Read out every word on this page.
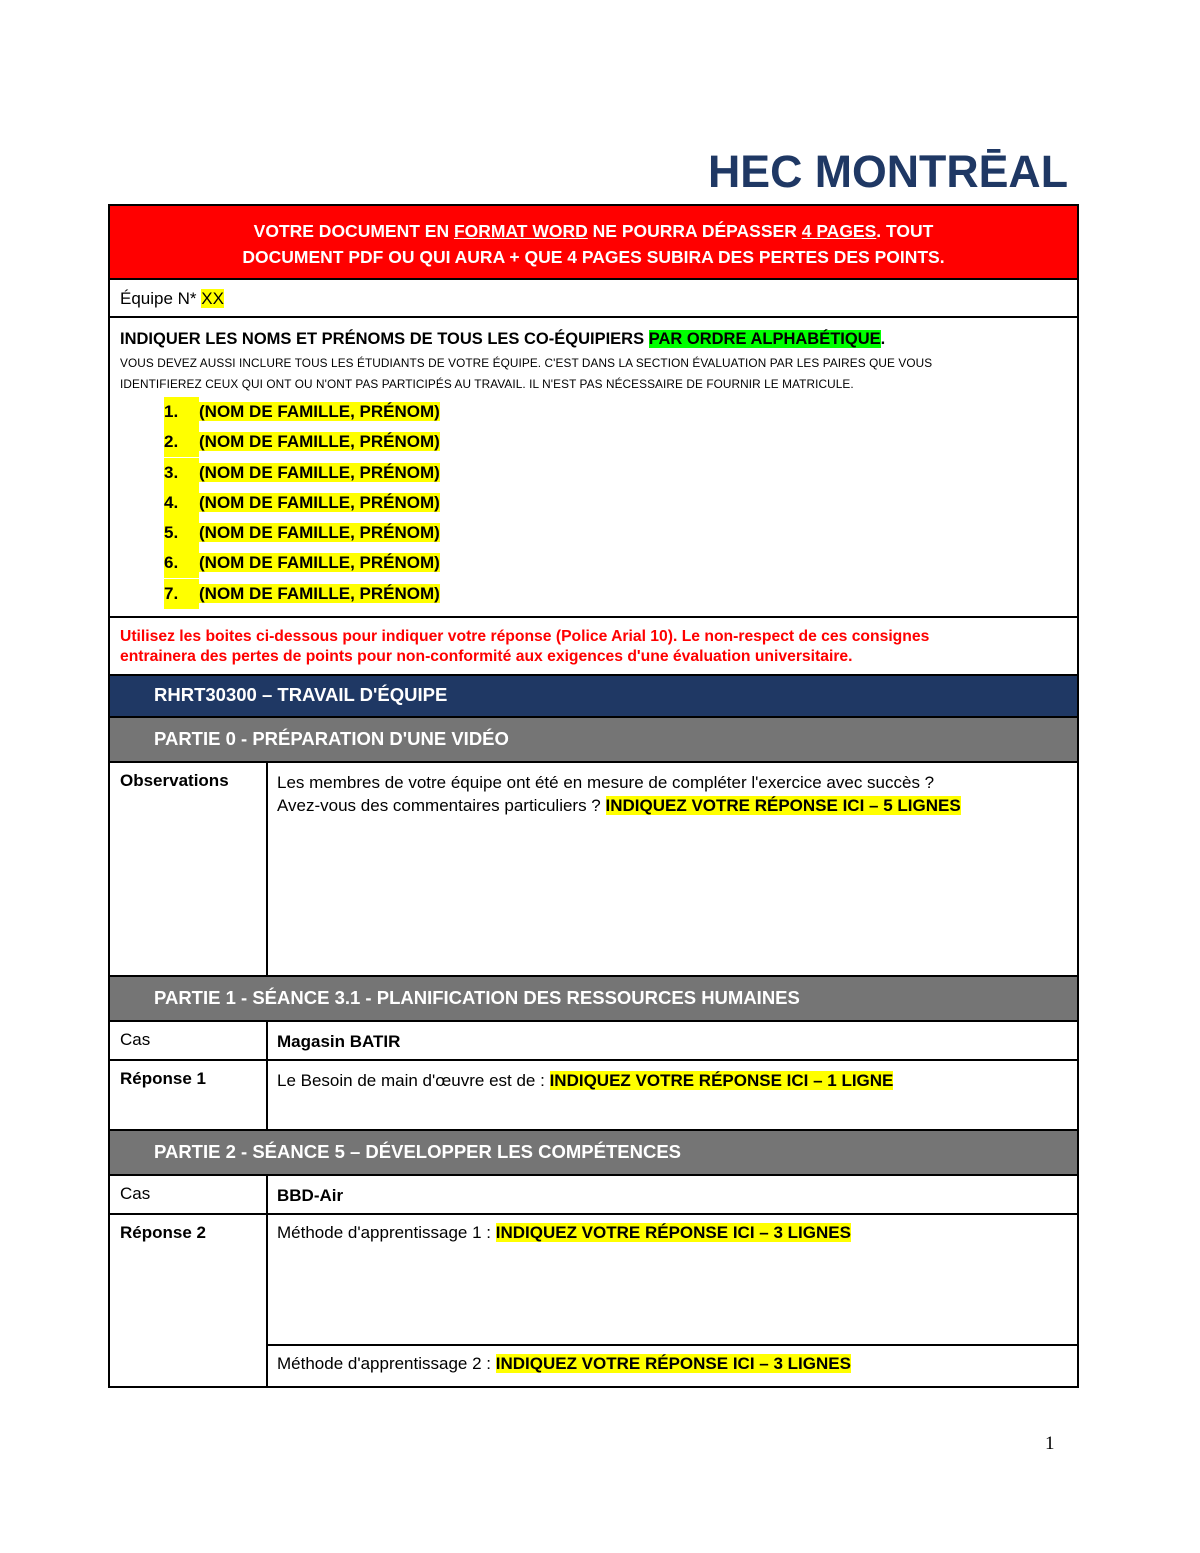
HEC MONTRĒAL
VOTRE DOCUMENT EN FORMAT WORD NE POURRA DÉPASSER 4 PAGES. TOUT
DOCUMENT PDF OU QUI AURA + QUE 4 PAGES SUBIRA DES PERTES DES POINTS.
Équipe N* XX
INDIQUER LES NOMS ET PRÉNOMS DE TOUS LES CO-ÉQUIPIERS PAR ORDRE ALPHABÉTIQUE.
VOUS DEVEZ AUSSI INCLURE TOUS LES ÉTUDIANTS DE VOTRE ÉQUIPE. C'EST DANS LA SECTION ÉVALUATION PAR LES PAIRES QUE VOUS
IDENTIFIEREZ CEUX QUI ONT OU N'ONT PAS PARTICIPÉS AU TRAVAIL. IL N'EST PAS NÉCESSAIRE DE FOURNIR LE MATRICULE.
1. (NOM DE FAMILLE, PRÉNOM)
2. (NOM DE FAMILLE, PRÉNOM)
3. (NOM DE FAMILLE, PRÉNOM)
4. (NOM DE FAMILLE, PRÉNOM)
5. (NOM DE FAMILLE, PRÉNOM)
6. (NOM DE FAMILLE, PRÉNOM)
7. (NOM DE FAMILLE, PRÉNOM)
Utilisez les boites ci-dessous pour indiquer votre réponse (Police Arial 10). Le non-respect de ces consignes
entrainera des pertes de points pour non-conformité aux exigences d'une évaluation universitaire.
RHRT30300 – TRAVAIL D'ÉQUIPE
PARTIE 0 - PRÉPARATION D'UNE VIDÉO
Observations	Les membres de votre équipe ont été en mesure de compléter l'exercice avec succès ?
Avez-vous des commentaires particuliers ? INDIQUEZ VOTRE RÉPONSE ICI – 5 LIGNES
PARTIE 1 - SÉANCE 3.1 - PLANIFICATION DES RESSOURCES HUMAINES
Cas	Magasin BATIR
Réponse 1	Le Besoin de main d'œuvre est de : INDIQUEZ VOTRE RÉPONSE ICI – 1 LIGNE
PARTIE 2 - SÉANCE 5 – DÉVELOPPER LES COMPÉTENCES
Cas	BBD-Air
Réponse 2	Méthode d'apprentissage 1 : INDIQUEZ VOTRE RÉPONSE ICI – 3 LIGNES
Méthode d'apprentissage 2 : INDIQUEZ VOTRE RÉPONSE ICI – 3 LIGNES
1
